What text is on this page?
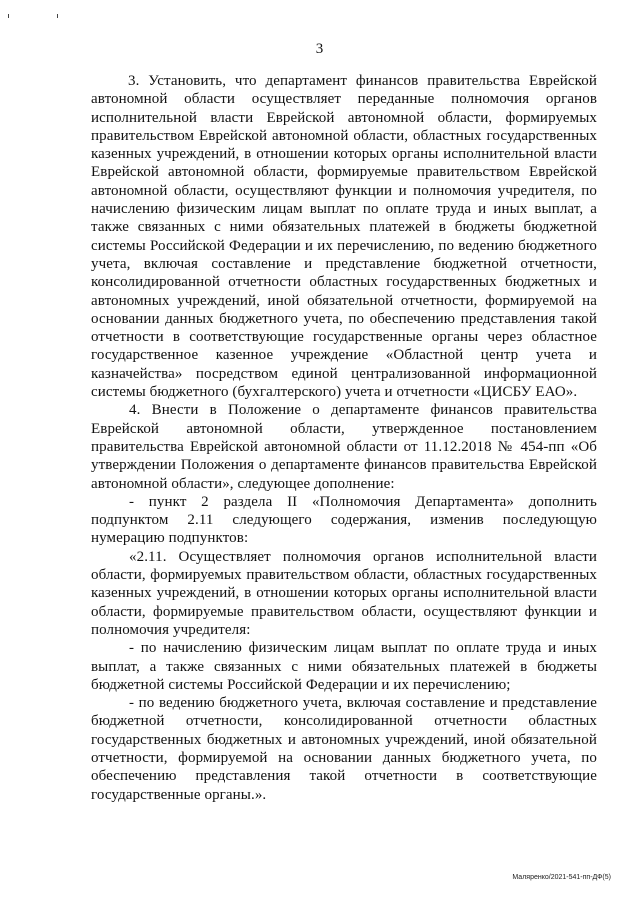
3

3. Установить, что департамент финансов правительства Еврейской автономной области осуществляет переданные полномочия органов исполнительной власти Еврейской автономной области, формируемых правительством Еврейской автономной области, областных государственных казенных учреждений, в отношении которых органы исполнительной власти Еврейской автономной области, формируемые правительством Еврейской автономной области, осуществляют функции и полномочия учредителя, по начислению физическим лицам выплат по оплате труда и иных выплат, а также связанных с ними обязательных платежей в бюджеты бюджетной системы Российской Федерации и их перечислению, по ведению бюджетного учета, включая составление и представление бюджетной отчетности, консолидированной отчетности областных государственных бюджетных и автономных учреждений, иной обязательной отчетности, формируемой на основании данных бюджетного учета, по обеспечению представления такой отчетности в соответствующие государственные органы через областное государственное казенное учреждение «Областной центр учета и казначейства» посредством единой централизованной информационной системы бюджетного (бухгалтерского) учета и отчетности «ЦИСБУ ЕАО».

4. Внести в Положение о департаменте финансов правительства Еврейской автономной области, утвержденное постановлением правительства Еврейской автономной области от 11.12.2018 № 454-пп «Об утверждении Положения о департаменте финансов правительства Еврейской автономной области», следующее дополнение:

- пункт 2 раздела II «Полномочия Департамента» дополнить подпунктом 2.11 следующего содержания, изменив последующую нумерацию подпунктов:

«2.11. Осуществляет полномочия органов исполнительной власти области, формируемых правительством области, областных государственных казенных учреждений, в отношении которых органы исполнительной власти области, формируемые правительством области, осуществляют функции и полномочия учредителя:

- по начислению физическим лицам выплат по оплате труда и иных выплат, а также связанных с ними обязательных платежей в бюджеты бюджетной системы Российской Федерации и их перечислению;

- по ведению бюджетного учета, включая составление и представление бюджетной отчетности, консолидированной отчетности областных государственных бюджетных и автономных учреждений, иной обязательной отчетности, формируемой на основании данных бюджетного учета, по обеспечению представления такой отчетности в соответствующие государственные органы.».

Маляренко/2021-541-пп-ДФ(5)
